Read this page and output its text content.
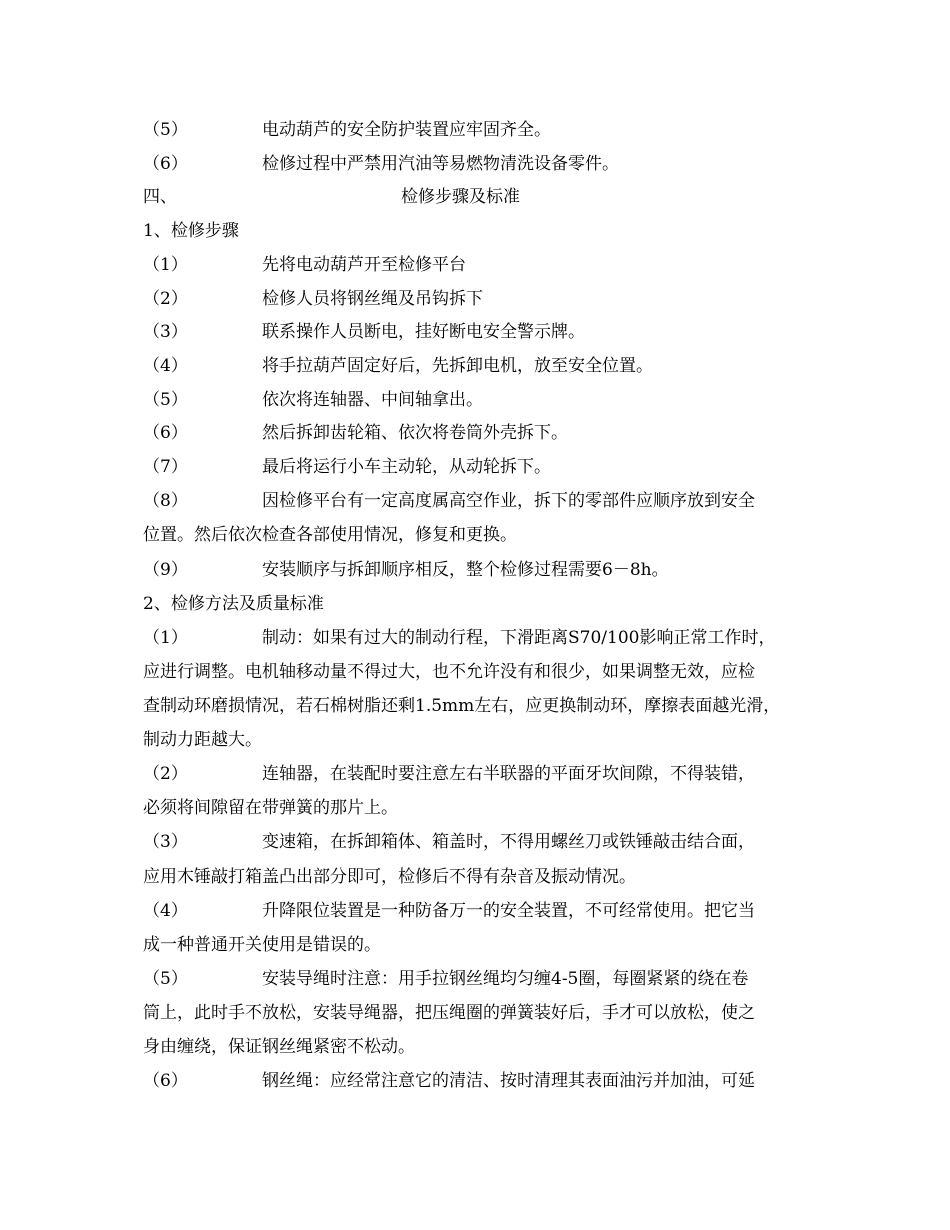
（5）	电动葫芦的安全防护装置应牢固齐全。
（6）	检修过程中严禁用汽油等易燃物清洗设备零件。
四、	检修步骤及标准
1、检修步骤
（1）	先将电动葫芦开至检修平台
（2）	检修人员将钢丝绳及吊钩拆下
（3）	联系操作人员断电，挂好断电安全警示牌。
（4）	将手拉葫芦固定好后，先拆卸电机，放至安全位置。
（5）	依次将连轴器、中间轴拿出。
（6）	然后拆卸齿轮箱、依次将卷筒外壳拆下。
（7）	最后将运行小车主动轮，从动轮拆下。
（8）	因检修平台有一定高度属高空作业，拆下的零部件应顺序放到安全
位置。然后依次检查各部使用情况，修复和更换。
（9）	安装顺序与拆卸顺序相反，整个检修过程需要6－8h。
2、检修方法及质量标准
（1）	制动：如果有过大的制动行程，下滑距离S70/100影响正常工作时，
应进行调整。电机轴移动量不得过大，也不允许没有和很少，如果调整无效，应检
查制动环磨损情况，若石棉树脂还剩1.5mm左右，应更换制动环，摩擦表面越光滑，
制动力距越大。
（2）	连轴器，在装配时要注意左右半联器的平面牙坎间隙，不得装错，
必须将间隙留在带弹簧的那片上。
（3）	变速箱，在拆卸箱体、箱盖时，不得用螺丝刀或铁锤敲击结合面，
应用木锤敲打箱盖凸出部分即可，检修后不得有杂音及振动情况。
（4）	升降限位装置是一种防备万一的安全装置，不可经常使用。把它当
成一种普通开关使用是错误的。
（5）	安装导绳时注意：用手拉钢丝绳均匀缠4-5圈，每圈紧紧的绕在卷
筒上，此时手不放松，安装导绳器，把压绳圈的弹簧装好后，手才可以放松，使之
身由缠绕，保证钢丝绳紧密不松动。
（6）	钢丝绳：应经常注意它的清洁、按时清理其表面油污并加油，可延
